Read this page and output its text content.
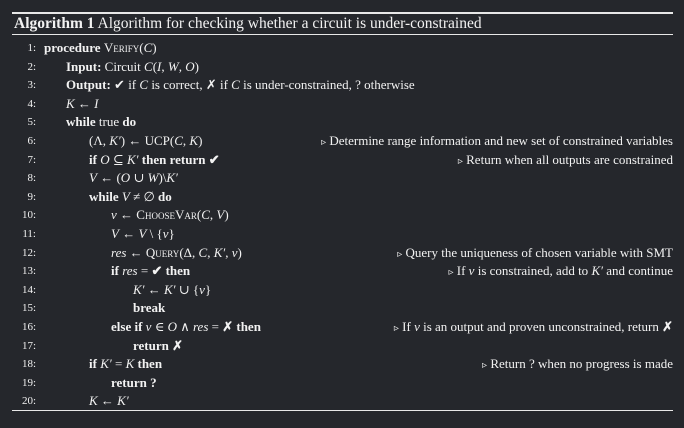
Algorithm 1 Algorithm for checking whether a circuit is under-constrained
1: procedure Verify(C)
2: Input: Circuit C(I, W, O)
3: Output: ✔ if C is correct, ✗ if C is under-constrained, ? otherwise
4: K ← I
5: while true do
6:	(Λ, K′) ← UCP(C, K)	▹ Determine range information and new set of constrained variables
7:	if O ⊆ K′ then return ✔	▹ Return when all outputs are constrained
8:	V ← (O ∪ W)\K′
9:	while V ≠ ∅ do
10:	v ← ChooseVar(C, V)
11:	V ← V \ {v}
12:	res ← Query(Δ, C, K′, v)	▹ Query the uniqueness of chosen variable with SMT
13:	if res = ✔ then	▹ If v is constrained, add to K′ and continue
14:	K′ ← K′ ∪ {v}
15:	break
16:	else if v ∈ O ∧ res = ✗ then	▹ If v is an output and proven unconstrained, return ✗
17:	return ✗
18:	if K′ = K then	▹ Return ? when no progress is made
19:	return ?
20:	K ← K′
